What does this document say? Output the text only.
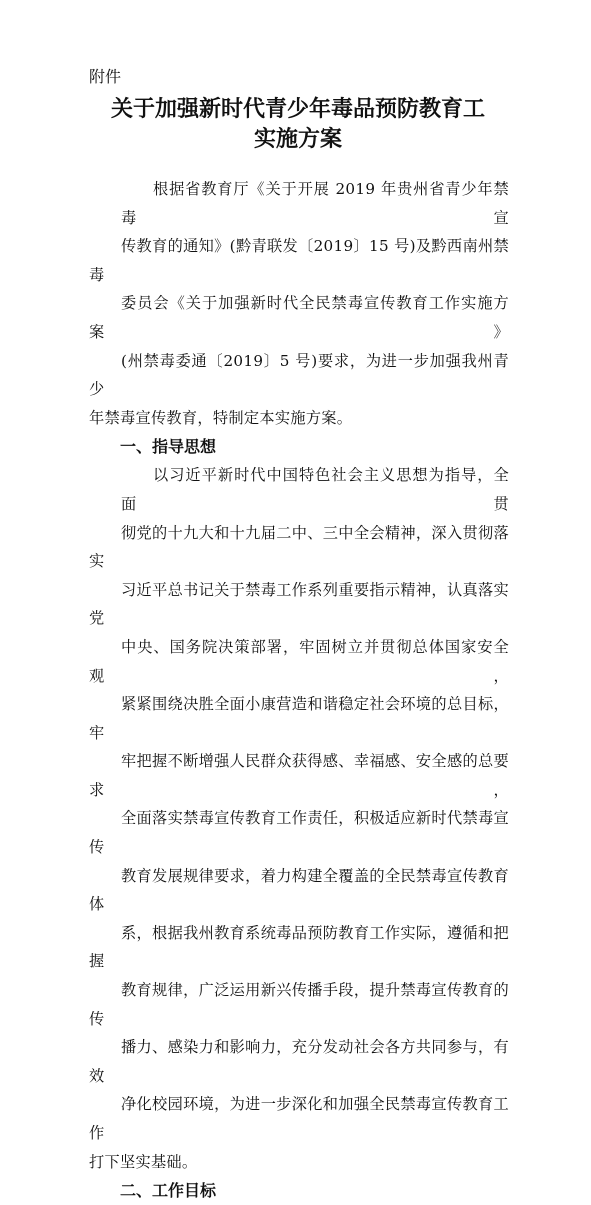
附件
关于加强新时代青少年毒品预防教育工
实施方案
根据省教育厅《关于开展 2019 年贵州省青少年禁毒宣
传教育的通知》(黔青联发〔2019〕15 号)及黔西南州禁毒
委员会《关于加强新时代全民禁毒宣传教育工作实施方案》
(州禁毒委通〔2019〕5 号)要求，为进一步加强我州青少
年禁毒宣传教育，特制定本实施方案。
一、指导思想
以习近平新时代中国特色社会主义思想为指导，全面贯
彻党的十九大和十九届二中、三中全会精神，深入贯彻落实
习近平总书记关于禁毒工作系列重要指示精神，认真落实党
中央、国务院决策部署，牢固树立并贯彻总体国家安全观，
紧紧围绕决胜全面小康营造和谐稳定社会环境的总目标，牢
牢把握不断增强人民群众获得感、幸福感、安全感的总要求，
全面落实禁毒宣传教育工作责任，积极适应新时代禁毒宣传
教育发展规律要求，着力构建全覆盖的全民禁毒宣传教育体
系，根据我州教育系统毒品预防教育工作实际，遵循和把握
教育规律，广泛运用新兴传播手段，提升禁毒宣传教育的传
播力、感染力和影响力，充分发动社会各方共同参与，有效
净化校园环境，为进一步深化和加强全民禁毒宣传教育工作
打下坚实基础。
二、工作目标
